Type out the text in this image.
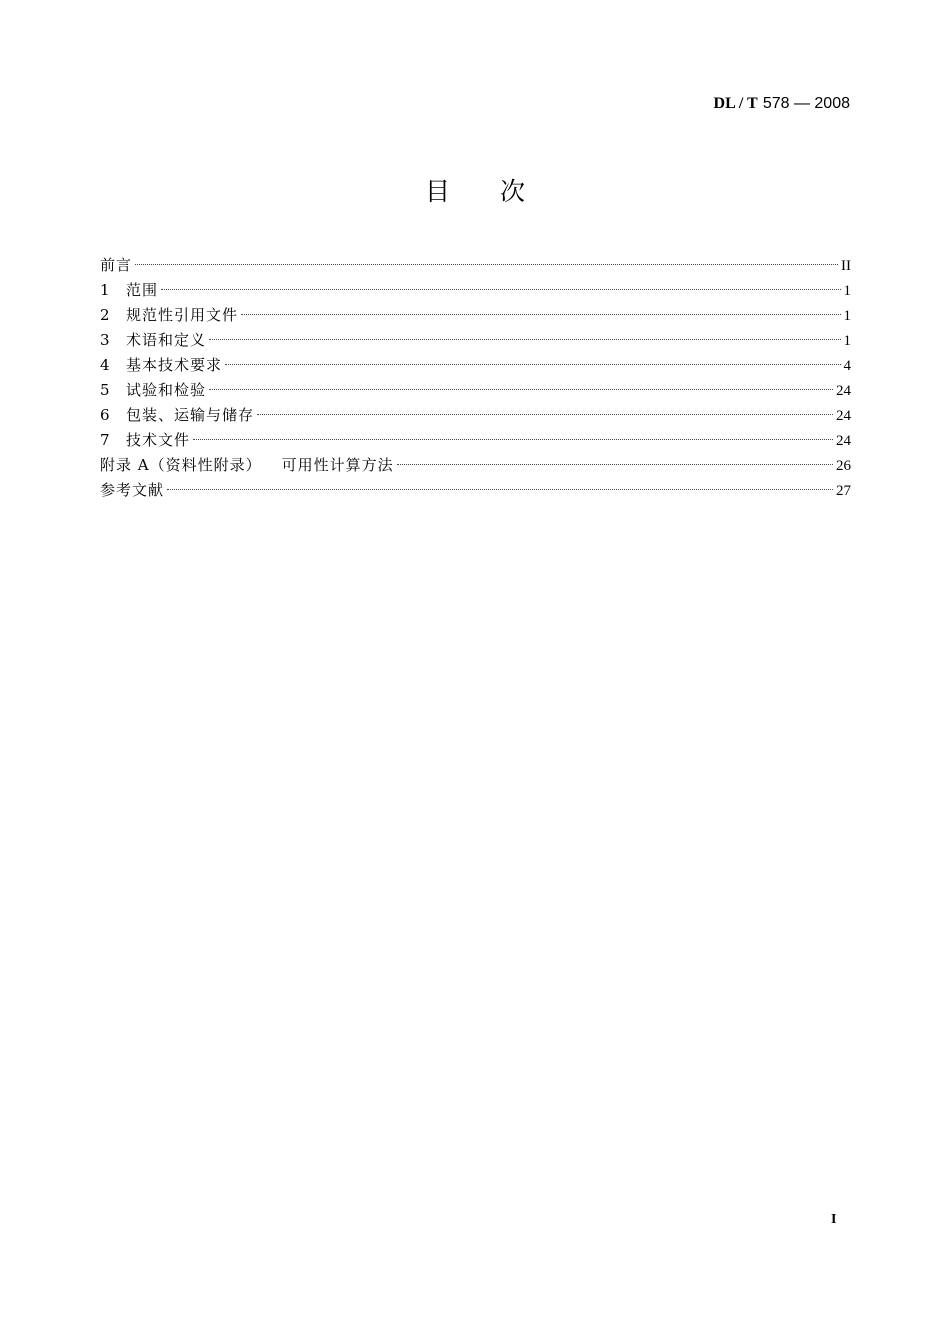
DL / T 578 — 2008
目次
前言	II
1	范围	1
2	规范性引用文件	1
3	术语和定义	1
4	基本技术要求	4
5	试验和检验	24
6	包装、运输与储存	24
7	技术文件	24
附录 A（资料性附录） 可用性计算方法	26
参考文献	27
I
